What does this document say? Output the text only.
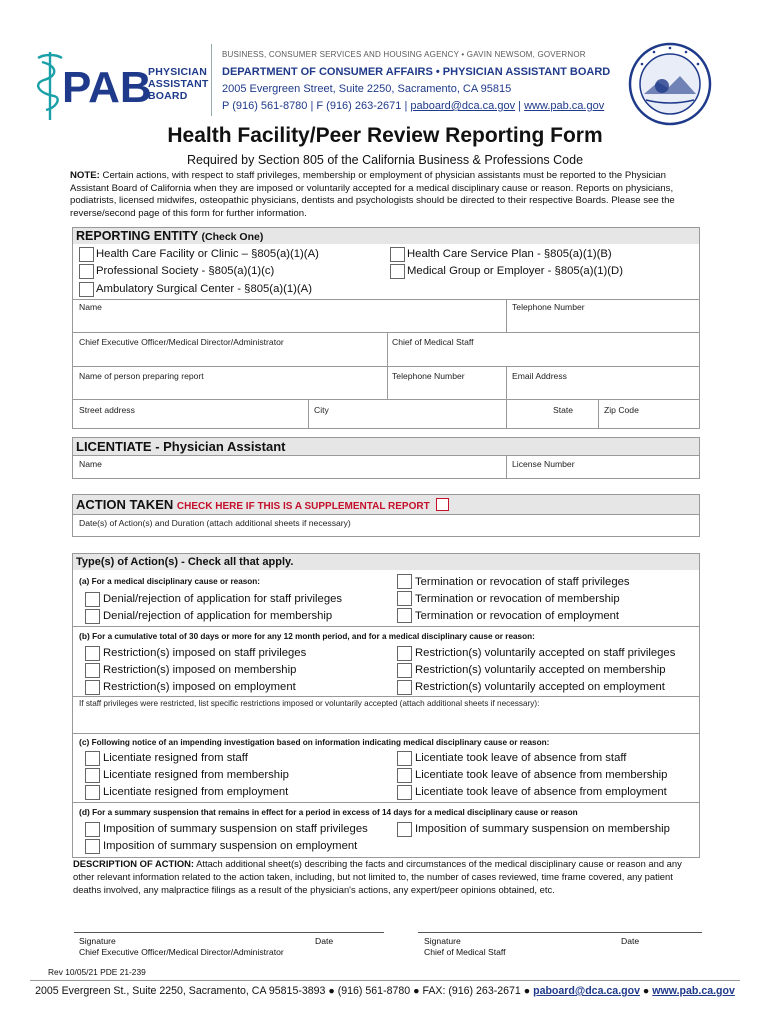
PAB
PHYSICIAN
ASSISTANT
BOARD
BUSINESS, CONSUMER SERVICES AND HOUSING AGENCY • GAVIN NEWSOM, GOVERNOR
DEPARTMENT OF CONSUMER AFFAIRS • PHYSICIAN ASSISTANT BOARD
2005 Evergreen Street, Suite 2250, Sacramento, CA 95815
P (916) 561-8780 | F (916) 263-2671 | paboard@dca.ca.gov | www.pab.ca.gov
Health Facility/Peer Review Reporting Form
Required by Section 805 of the California Business & Professions Code
NOTE: Certain actions, with respect to staff privileges, membership or employment of physician assistants must be reported to the Physician Assistant Board of California when they are imposed or voluntarily accepted for a medical disciplinary cause or reason. Reports on physicians, podiatrists, licensed midwifes, osteopathic physicians, dentists and psychologists should be directed to their respective Boards. Please see the reverse/second page of this form for further information.
REPORTING ENTITY (Check One)
Health Care Facility or Clinic – §805(a)(1)(A)
Professional Society - §805(a)(1)(c)
Ambulatory Surgical Center - §805(a)(1)(A)
Health Care Service Plan - §805(a)(1)(B)
Medical Group or Employer - §805(a)(1)(D)
Name	Telephone Number
Chief Executive Officer/Medical Director/Administrator	Chief of Medical Staff
Name of person preparing report	Telephone Number	Email Address
Street address	City	State	Zip Code
LICENTIATE - Physician Assistant
Name	License Number
ACTION TAKEN CHECK HERE IF THIS IS A SUPPLEMENTAL REPORT
Date(s) of Action(s) and Duration (attach additional sheets if necessary)
Type(s) of Action(s) - Check all that apply.
(a) For a medical disciplinary cause or reason:
Denial/rejection of application for staff privileges
Denial/rejection of application for membership
Termination or revocation of staff privileges
Termination or revocation of membership
Termination or revocation of employment
(b) For a cumulative total of 30 days or more for any 12 month period, and for a medical disciplinary cause or reason:
Restriction(s) imposed on staff privileges
Restriction(s) imposed on membership
Restriction(s) imposed on employment
Restriction(s) voluntarily accepted on staff privileges
Restriction(s) voluntarily accepted on membership
Restriction(s) voluntarily accepted on employment
If staff privileges were restricted, list specific restrictions imposed or voluntarily accepted (attach additional sheets if necessary):
(c) Following notice of an impending investigation based on information indicating medical disciplinary cause or reason:
Licentiate resigned from staff
Licentiate resigned from membership
Licentiate resigned from employment
Licentiate took leave of absence from staff
Licentiate took leave of absence from membership
Licentiate took leave of absence from employment
(d) For a summary suspension that remains in effect for a period in excess of 14 days for a medical disciplinary cause or reason
Imposition of summary suspension on staff privileges
Imposition of summary suspension on employment
Imposition of summary suspension on membership
DESCRIPTION OF ACTION: Attach additional sheet(s) describing the facts and circumstances of the medical disciplinary cause or reason and any other relevant information related to the action taken, including, but not limited to, the number of cases reviewed, time frame covered, any patient deaths involved, any malpractice filings as a result of the physician's actions, any expert/peer opinions obtained, etc.
Signature
Chief Executive Officer/Medical Director/Administrator
Date	Signature
Chief of Medical Staff
Date
Rev 10/05/21 PDE 21-239
2005 Evergreen St., Suite 2250, Sacramento, CA 95815-3893 ● (916) 561-8780 ● FAX: (916) 263-2671 ● paboard@dca.ca.gov ● www.pab.ca.gov
